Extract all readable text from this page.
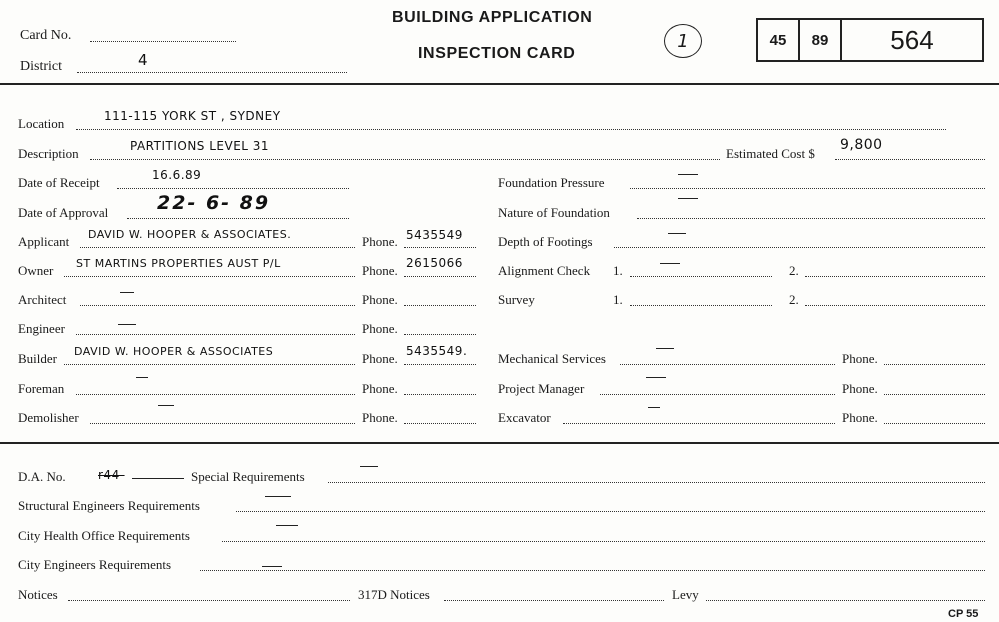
Card No.
District	4
BUILDING APPLICATION
INSPECTION CARD
1	45 89 564
Location	111-115 YORK ST , SYDNEY
Description	PARTITIONS LEVEL 31	Estimated Cost $
9,800
Date of Receipt	16.6.89
Date of Approval	22- 6- 89
Applicant DAVID W. HOOPER & ASSOCIATES.	Phone. 5435549
Owner ST MARTINS PROPERTIES AUST P/L	Phone. 2615066
Architect	Phone.
Engineer	Phone.
Builder DAVID W. HOOPER & ASSOCIATES	Phone. 5435549.
Foreman	Phone.
Demolisher	Phone.
Foundation Pressure
Nature of Foundation
Depth of Footings
Alignment Check 1.	2.
Survey	1.	2.
Mechanical Services	Phone.
Project Manager	Phone.
Excavator	Phone.
D.A. No.	r44-	Special Requirements
Structural Engineers Requirements
City Health Office Requirements
City Engineers Requirements
Notices	317D Notices	Levy
CP 55
